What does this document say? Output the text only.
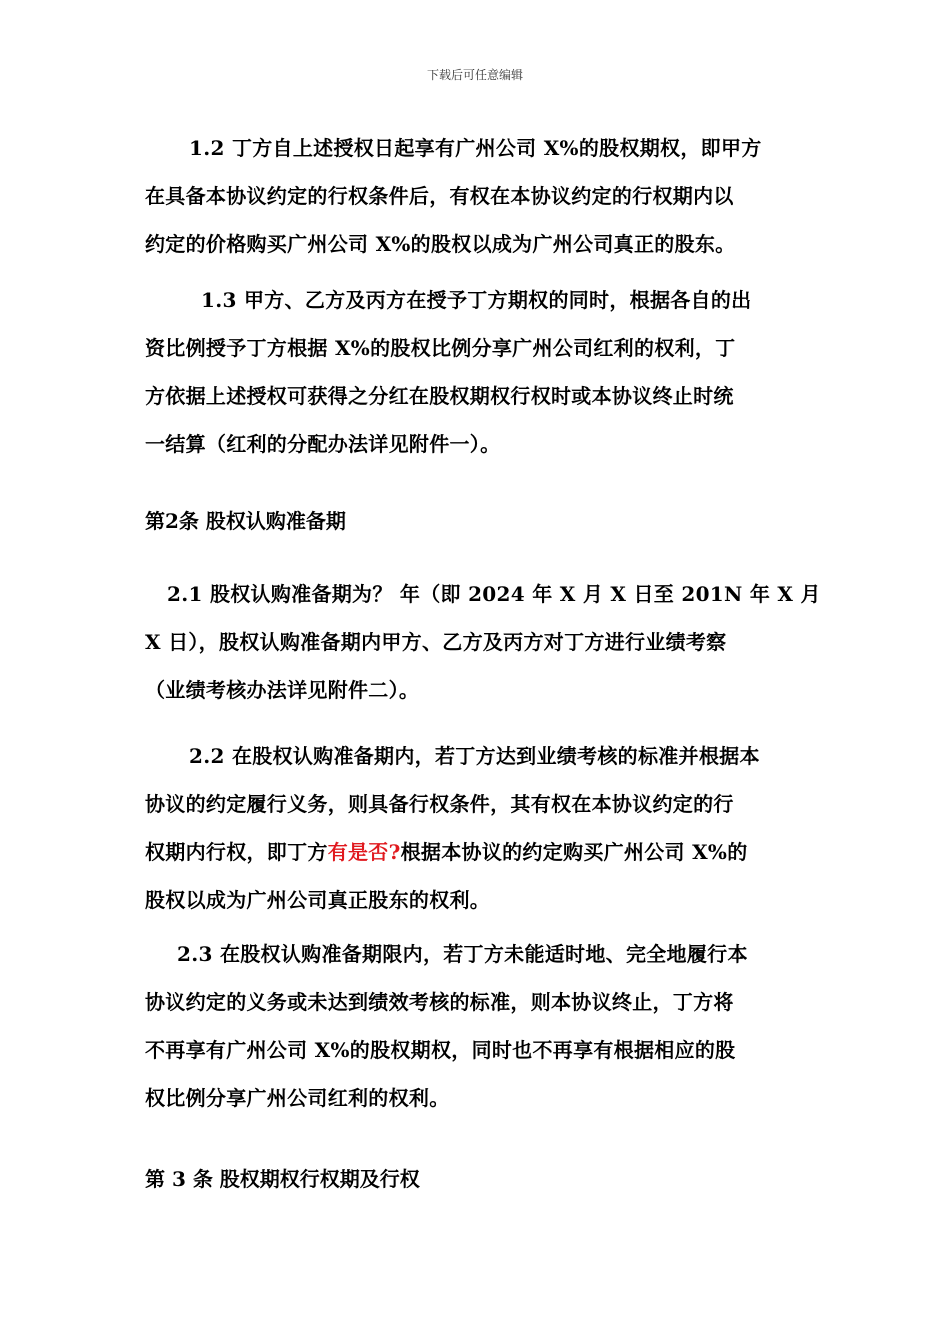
下载后可任意编辑
1.2 丁方自上述授权日起享有广州公司 X%的股权期权，即甲方
在具备本协议约定的行权条件后，有权在本协议约定的行权期内以
约定的价格购买广州公司 X%的股权以成为广州公司真正的股东。
1.3 甲方、乙方及丙方在授予丁方期权的同时，根据各自的出
资比例授予丁方根据 X%的股权比例分享广州公司红利的权利，丁
方依据上述授权可获得之分红在股权期权行权时或本协议终止时统
一结算（红利的分配办法详见附件一）。
第2条 股权认购准备期
2.1 股权认购准备期为？ 年（即 2024 年 X 月 X 日至 201N 年 X 月
X 日），股权认购准备期内甲方、乙方及丙方对丁方进行业绩考察
（业绩考核办法详见附件二）。
2.2 在股权认购准备期内，若丁方达到业绩考核的标准并根据本
协议的约定履行义务，则具备行权条件，其有权在本协议约定的行
权期内行权，即丁方有是否?根据本协议的约定购买广州公司 X%的
股权以成为广州公司真正股东的权利。
2.3 在股权认购准备期限内，若丁方未能适时地、完全地履行本
协议约定的义务或未达到绩效考核的标准，则本协议终止，丁方将
不再享有广州公司 X%的股权期权，同时也不再享有根据相应的股
权比例分享广州公司红利的权利。
第 3 条 股权期权行权期及行权
